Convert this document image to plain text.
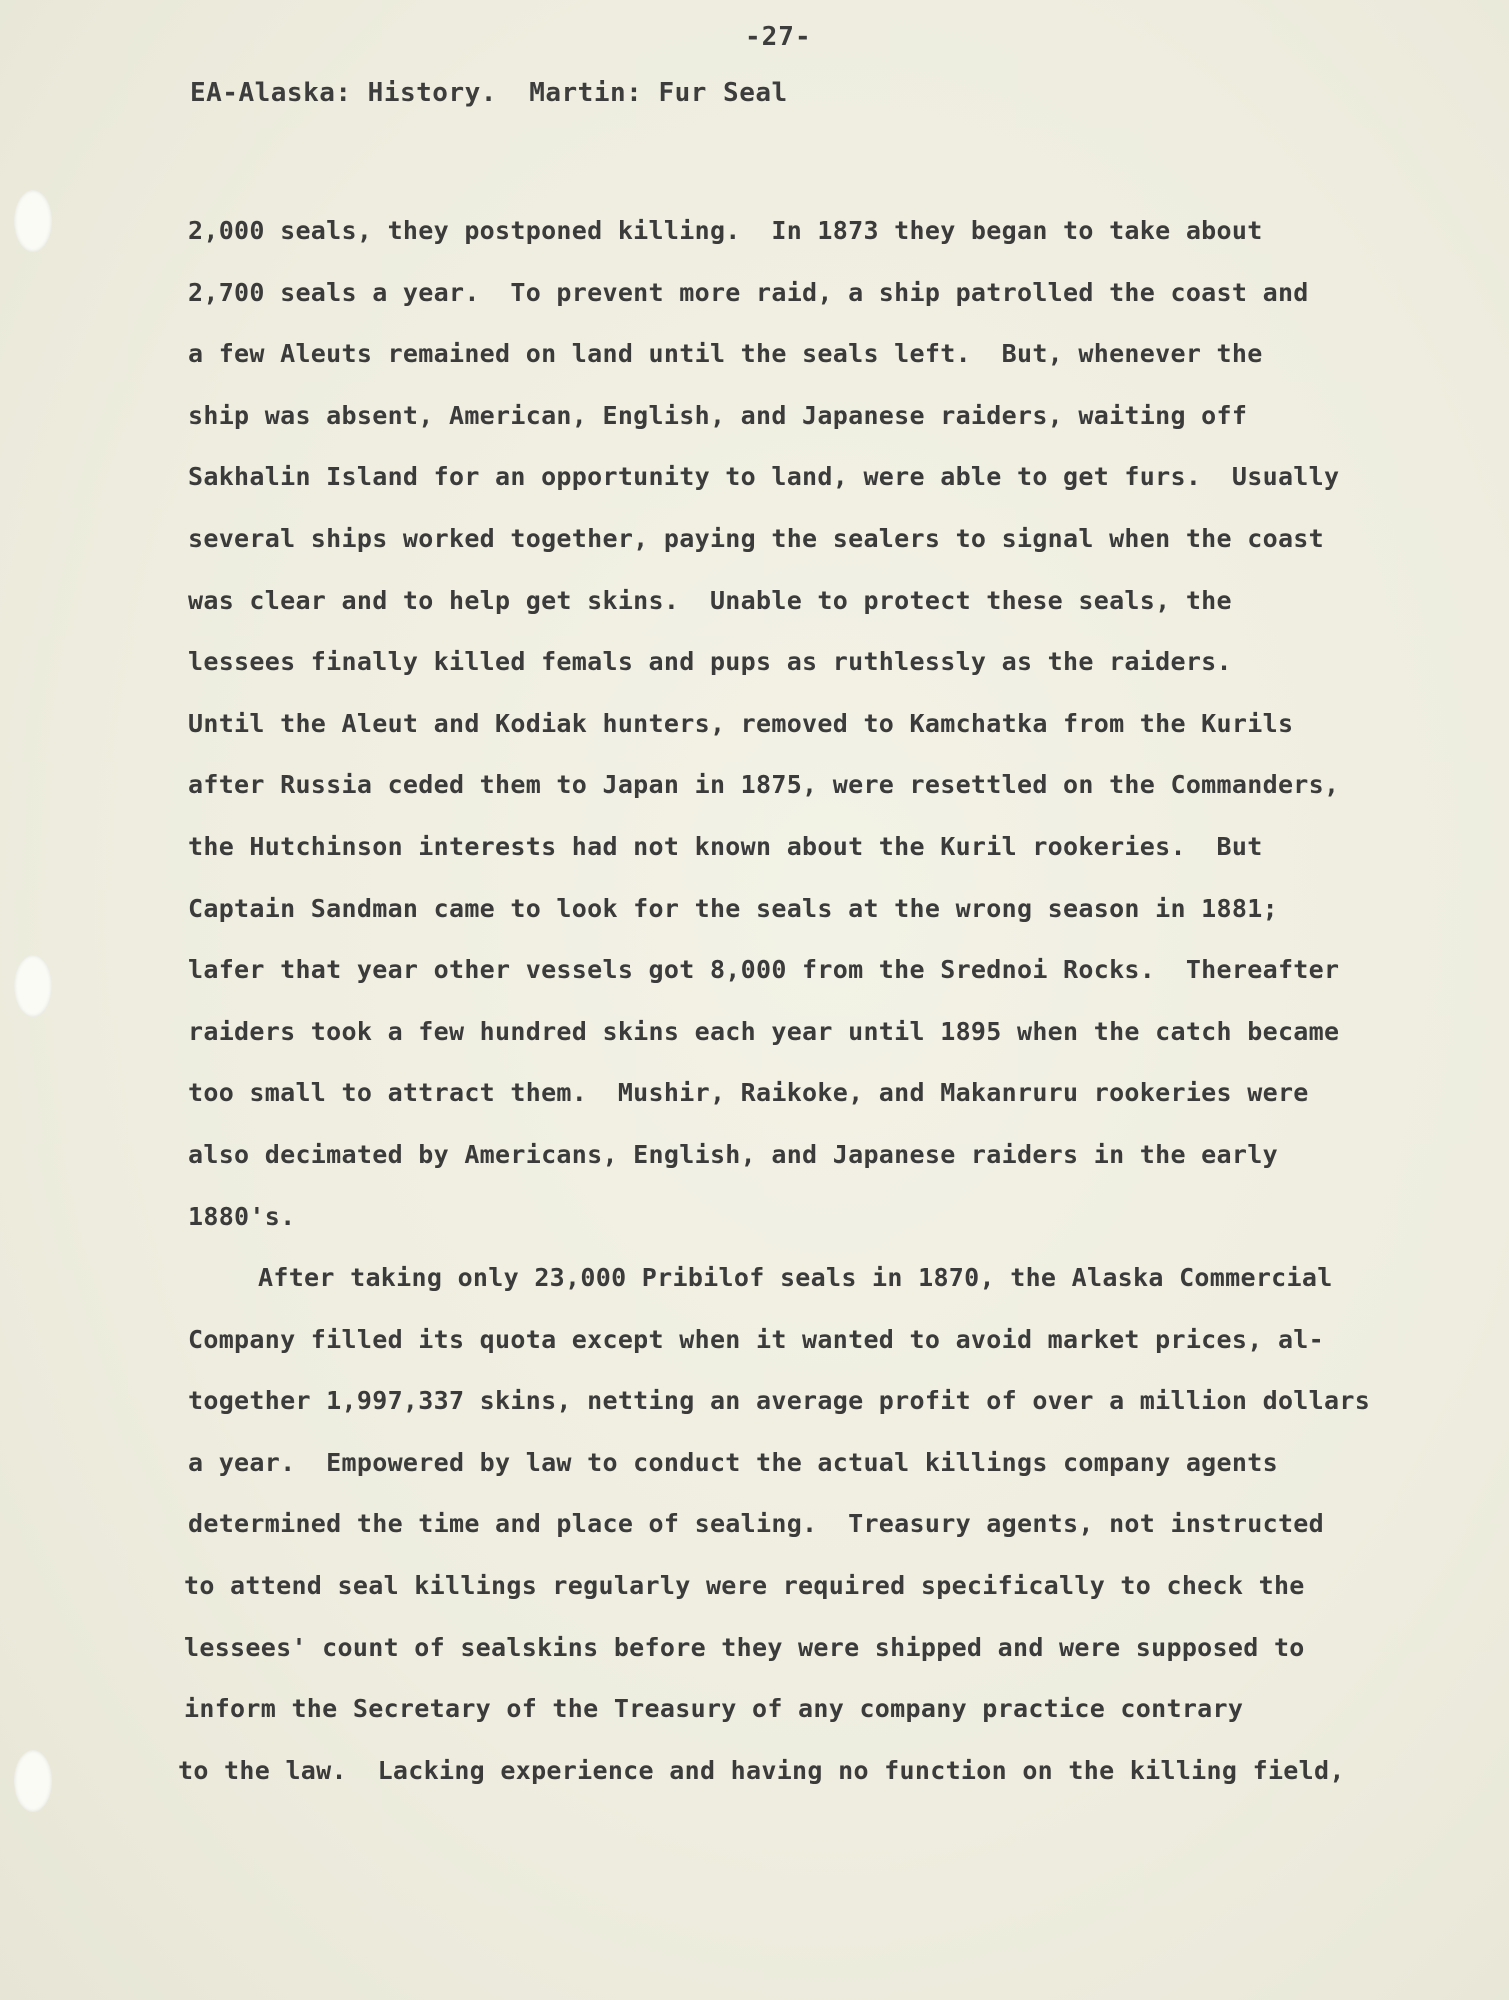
-27-
EA-Alaska: History.  Martin: Fur Seal
2,000 seals, they postponed killing.  In 1873 they began to take about
2,700 seals a year.  To prevent more raid, a ship patrolled the coast and
a few Aleuts remained on land until the seals left.  But, whenever the
ship was absent, American, English, and Japanese raiders, waiting off
Sakhalin Island for an opportunity to land, were able to get furs.  Usually
several ships worked together, paying the sealers to signal when the coast
was clear and to help get skins.  Unable to protect these seals, the
lessees finally killed femals and pups as ruthlessly as the raiders.
Until the Aleut and Kodiak hunters, removed to Kamchatka from the Kurils
after Russia ceded them to Japan in 1875, were resettled on the Commanders,
the Hutchinson interests had not known about the Kuril rookeries.  But
Captain Sandman came to look for the seals at the wrong season in 1881;
lafer that year other vessels got 8,000 from the Srednoi Rocks.  Thereafter
raiders took a few hundred skins each year until 1895 when the catch became
too small to attract them.  Mushir, Raikoke, and Makanruru rookeries were
also decimated by Americans, English, and Japanese raiders in the early
1880's.
After taking only 23,000 Pribilof seals in 1870, the Alaska Commercial
Company filled its quota except when it wanted to avoid market prices, al-
together 1,997,337 skins, netting an average profit of over a million dollars
a year.  Empowered by law to conduct the actual killings company agents
determined the time and place of sealing.  Treasury agents, not instructed
to attend seal killings regularly were required specifically to check the
lessees' count of sealskins before they were shipped and were supposed to
inform the Secretary of the Treasury of any company practice contrary
to the law.  Lacking experience and having no function on the killing field,
